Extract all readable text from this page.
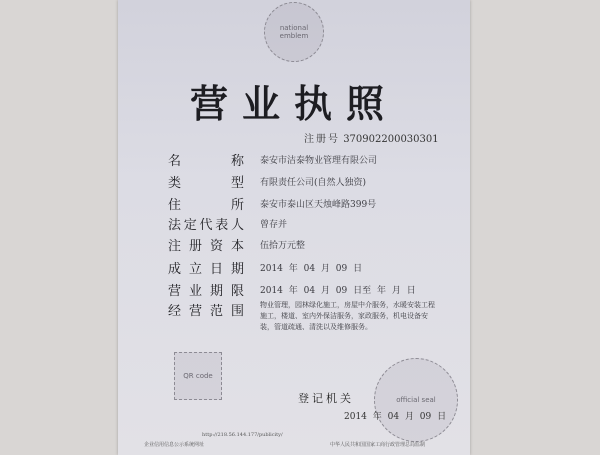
national emblem
营业执照
注册号 370902200030301
名	称 泰安市洁泰物业管理有限公司
类	型 有限责任公司(自然人独资)
住	所 泰安市泰山区天烛峰路399号
法 定 代 表 人 曾存并
注 册 资 本 伍拾万元整
成 立 日 期 2014 年 04 月 09 日
营 业 期 限 2014 年 04 月 09 日至 年 月 日
经 营 范 围 物业管理，园林绿化施工，房屋中介服务，水暖安装工程施工，楼道、室内外保洁服务，家政服务，机电设备安装，管道疏通、清洗以及维修服务。
QR code
official seal
登记机关
2014 年 04 月 09 日
http://218.56.144.177/publicity/
企业信用信息公示系统网址	中华人民共和国国家工商行政管理总局监制
